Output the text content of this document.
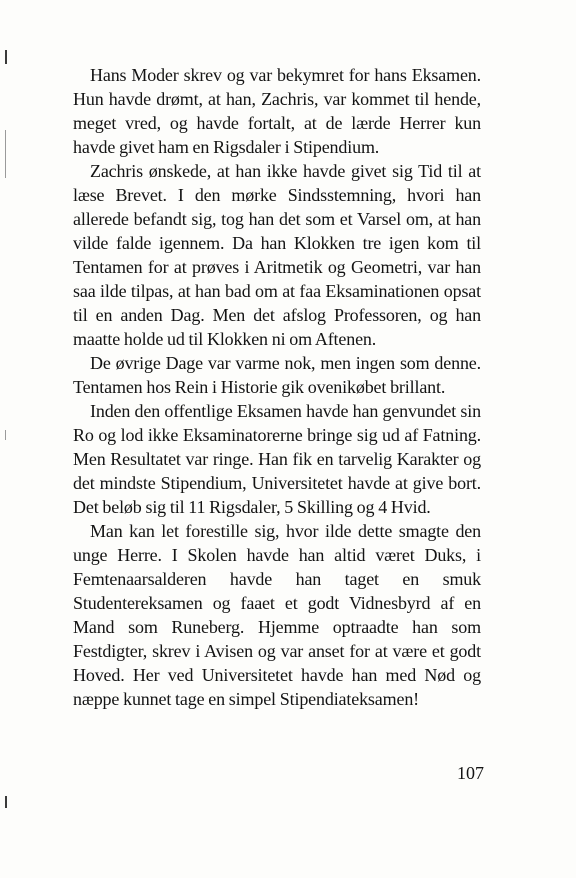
Hans Moder skrev og var bekymret for hans Eksamen. Hun havde drømt, at han, Zachris, var kommet til hende, meget vred, og havde fortalt, at de lærde Herrer kun havde givet ham en Rigsdaler i Stipendium.

Zachris ønskede, at han ikke havde givet sig Tid til at læse Brevet. I den mørke Sindsstemning, hvori han allerede befandt sig, tog han det som et Varsel om, at han vilde falde igennem. Da han Klokken tre igen kom til Tentamen for at prøves i Aritmetik og Geometri, var han saa ilde tilpas, at han bad om at faa Eksaminationen opsat til en anden Dag. Men det afslog Professoren, og han maatte holde ud til Klokken ni om Aftenen.

De øvrige Dage var varme nok, men ingen som denne. Tentamen hos Rein i Historie gik ovenikøbet brillant.

Inden den offentlige Eksamen havde han genvundet sin Ro og lod ikke Eksaminatorerne bringe sig ud af Fatning. Men Resultatet var ringe. Han fik en tarvelig Karakter og det mindste Stipendium, Universitetet havde at give bort. Det beløb sig til 11 Rigsdaler, 5 Skilling og 4 Hvid.

Man kan let forestille sig, hvor ilde dette smagte den unge Herre. I Skolen havde han altid været Duks, i Femtenaarsalderen havde han taget en smuk Studentereksamen og faaet et godt Vidnesbyrd af en Mand som Runeberg. Hjemme optraadte han som Festdigter, skrev i Avisen og var anset for at være et godt Hoved. Her ved Universitetet havde han med Nød og næppe kunnet tage en simpel Stipendiateksamen!

107
